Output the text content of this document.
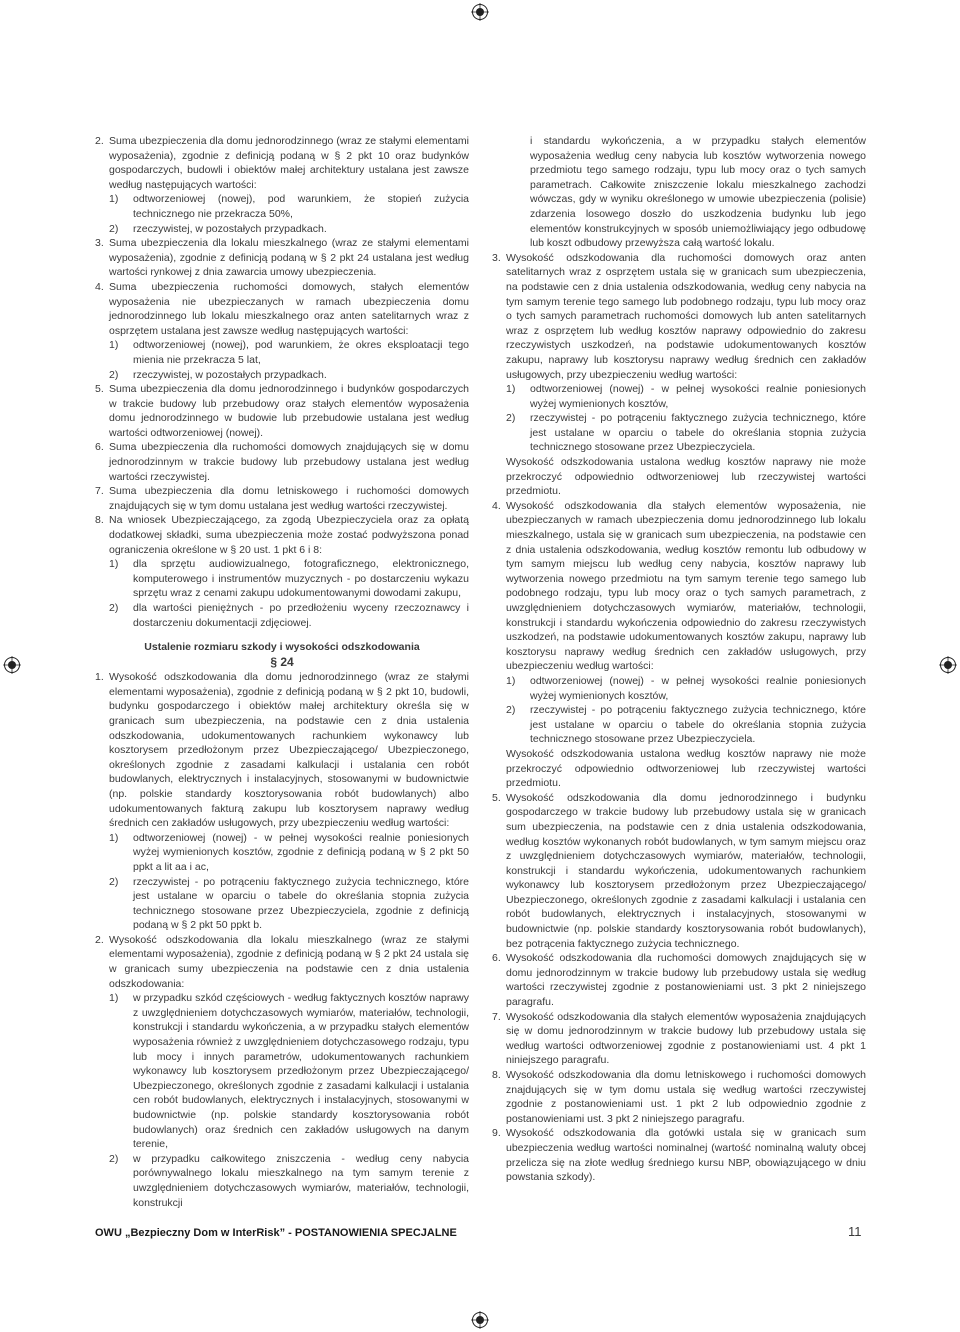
2. Suma ubezpieczenia dla domu jednorodzinnego (wraz ze stałymi elementami wyposażenia), zgodnie z definicją podaną w § 2 pkt 10 oraz budynków gospodarczych, budowli i obiektów małej architektury ustalana jest zawsze według następujących wartości:
1) odtworzeniowej (nowej), pod warunkiem, że stopień zużycia technicznego nie przekracza 50%,
2) rzeczywistej, w pozostałych przypadkach.
3. Suma ubezpieczenia dla lokalu mieszkalnego (wraz ze stałymi elementami wyposażenia), zgodnie z definicją podaną w § 2 pkt 24 ustalana jest według wartości rynkowej z dnia zawarcia umowy ubezpieczenia.
4. Suma ubezpieczenia ruchomości domowych, stałych elementów wyposażenia nie ubezpieczanych w ramach ubezpieczenia domu jednorodzinnego lub lokalu mieszkalnego oraz anten satelitarnych wraz z osprzętem ustalana jest zawsze według następujących wartości:
1) odtworzeniowej (nowej), pod warunkiem, że okres eksploatacji tego mienia nie przekracza 5 lat,
2) rzeczywistej, w pozostałych przypadkach.
5. Suma ubezpieczenia dla domu jednorodzinnego i budynków gospodarczych w trakcie budowy lub przebudowy oraz stałych elementów wyposażenia domu jednorodzinnego w budowie lub przebudowie ustalana jest według wartości odtworzeniowej (nowej).
6. Suma ubezpieczenia dla ruchomości domowych znajdujących się w domu jednorodzinnym w trakcie budowy lub przebudowy ustalana jest według wartości rzeczywistej.
7. Suma ubezpieczenia dla domu letniskowego i ruchomości domowych znajdujących się w tym domu ustalana jest według wartości rzeczywistej.
8. Na wniosek Ubezpieczającego, za zgodą Ubezpieczyciela oraz za opłatą dodatkowej składki, suma ubezpieczenia może zostać podwyższona ponad ograniczenia określone w § 20 ust. 1 pkt 6 i 8:
1) dla sprzętu audiowizualnego, fotograficznego, elektronicznego, komputerowego i instrumentów muzycznych - po dostarczeniu wykazu sprzętu wraz z cenami zakupu udokumentowanymi dowodami zakupu,
2) dla wartości pieniężnych - po przedłożeniu wyceny rzeczoznawcy i dostarczeniu dokumentacji zdjęciowej.
Ustalenie rozmiaru szkody i wysokości odszkodowania
§ 24
1. Wysokość odszkodowania dla domu jednorodzinnego (wraz ze stałymi elementami wyposażenia), zgodnie z definicją podaną w § 2 pkt 10, budowli, budynku gospodarczego i obiektów małej architektury określa się w granicach sum ubezpieczenia, na podstawie cen z dnia ustalenia odszkodowania, udokumentowanych rachunkiem wykonawcy lub kosztorysem przedłożonym przez Ubezpieczającego/ Ubezpieczonego, określonych zgodnie z zasadami kalkulacji i ustalania cen robót budowlanych, elektrycznych i instalacyjnych, stosowanymi w budownictwie (np. polskie standardy kosztorysowania robót budowlanych) albo udokumentowanych fakturą zakupu lub kosztorysem naprawy według średnich cen zakładów usługowych, przy ubezpieczeniu według wartości:
1) odtworzeniowej (nowej) - w pełnej wysokości realnie poniesionych wyżej wymienionych kosztów, zgodnie z definicją podaną w § 2 pkt 50 ppkt a lit aa i ac,
2) rzeczywistej - po potrąceniu faktycznego zużycia technicznego, które jest ustalane w oparciu o tabele do określania stopnia zużycia technicznego stosowane przez Ubezpieczyciela, zgodnie z definicją podaną w § 2 pkt 50 ppkt b.
2. Wysokość odszkodowania dla lokalu mieszkalnego (wraz ze stałymi elementami wyposażenia), zgodnie z definicją podaną w § 2 pkt 24 ustala się w granicach sumy ubezpieczenia na podstawie cen z dnia ustalenia odszkodowania:
1) w przypadku szkód częściowych - według faktycznych kosztów naprawy z uwzględnieniem dotychczasowych wymiarów, materiałów, technologii, konstrukcji i standardu wykończenia, a w przypadku stałych elementów wyposażenia również z uwzględnieniem dotychczasowego rodzaju, typu lub mocy i innych parametrów, udokumentowanych rachunkiem wykonawcy lub kosztorysem przedłożonym przez Ubezpieczającego/ Ubezpieczonego, określonych zgodnie z zasadami kalkulacji i ustalania cen robót budowlanych, elektrycznych i instalacyjnych, stosowanymi w budownictwie (np. polskie standardy kosztorysowania robót budowlanych) oraz średnich cen zakładów usługowych na danym terenie,
2) w przypadku całkowitego zniszczenia - według ceny nabycia porównywalnego lokalu mieszkalnego na tym samym terenie z uwzględnieniem dotychczasowych wymiarów, materiałów, technologii, konstrukcji
i standardu wykończenia, a w przypadku stałych elementów wyposażenia według ceny nabycia lub kosztów wytworzenia nowego przedmiotu tego samego rodzaju, typu lub mocy oraz o tych samych parametrach. Całkowite zniszczenie lokalu mieszkalnego zachodzi wówczas, gdy w wyniku określonego w umowie ubezpieczenia (polisie) zdarzenia losowego doszło do uszkodzenia budynku lub jego elementów konstrukcyjnych w sposób uniemożliwiający jego odbudowę lub koszt odbudowy przewyższa całą wartość lokalu.
3. Wysokość odszkodowania dla ruchomości domowych oraz anten satelitarnych wraz z osprzętem ustala się w granicach sum ubezpieczenia, na podstawie cen z dnia ustalenia odszkodowania, według ceny nabycia na tym samym terenie tego samego lub podobnego rodzaju, typu lub mocy oraz o tych samych parametrach ruchomości domowych lub anten satelitarnych wraz z osprzętem lub według kosztów naprawy odpowiednio do zakresu rzeczywistych uszkodzeń, na podstawie udokumentowanych kosztów zakupu, naprawy lub kosztorysu naprawy według średnich cen zakładów usługowych, przy ubezpieczeniu według wartości:
1) odtworzeniowej (nowej) - w pełnej wysokości realnie poniesionych wyżej wymienionych kosztów,
2) rzeczywistej - po potrąceniu faktycznego zużycia technicznego, które jest ustalane w oparciu o tabele do określania stopnia zużycia technicznego stosowane przez Ubezpieczyciela.
Wysokość odszkodowania ustalona według kosztów naprawy nie może przekroczyć odpowiednio odtworzeniowej lub rzeczywistej wartości przedmiotu.
4. Wysokość odszkodowania dla stałych elementów wyposażenia, nie ubezpieczanych w ramach ubezpieczenia domu jednorodzinnego lub lokalu mieszkalnego, ustala się w granicach sum ubezpieczenia, na podstawie cen z dnia ustalenia odszkodowania, według kosztów remontu lub odbudowy w tym samym miejscu lub według ceny nabycia, kosztów naprawy lub wytworzenia nowego przedmiotu na tym samym terenie tego samego lub podobnego rodzaju, typu lub mocy oraz o tych samych parametrach, z uwzględnieniem dotychczasowych wymiarów, materiałów, technologii, konstrukcji i standardu wykończenia odpowiednio do zakresu rzeczywistych uszkodzeń, na podstawie udokumentowanych kosztów zakupu, naprawy lub kosztorysu naprawy według średnich cen zakładów usługowych, przy ubezpieczeniu według wartości:
1) odtworzeniowej (nowej) - w pełnej wysokości realnie poniesionych wyżej wymienionych kosztów,
2) rzeczywistej - po potrąceniu faktycznego zużycia technicznego, które jest ustalane w oparciu o tabele do określania stopnia zużycia technicznego stosowane przez Ubezpieczyciela.
Wysokość odszkodowania ustalona według kosztów naprawy nie może przekroczyć odpowiednio odtworzeniowej lub rzeczywistej wartości przedmiotu.
5. Wysokość odszkodowania dla domu jednorodzinnego i budynku gospodarczego w trakcie budowy lub przebudowy ustala się w granicach sum ubezpieczenia, na podstawie cen z dnia ustalenia odszkodowania, według kosztów wykonanych robót budowlanych, w tym samym miejscu oraz z uwzględnieniem dotychczasowych wymiarów, materiałów, technologii, konstrukcji i standardu wykończenia, udokumentowanych rachunkiem wykonawcy lub kosztorysem przedłożonym przez Ubezpieczającego/ Ubezpieczonego, określonych zgodnie z zasadami kalkulacji i ustalania cen robót budowlanych, elektrycznych i instalacyjnych, stosowanymi w budownictwie (np. polskie standardy kosztorysowania robót budowlanych), bez potrącenia faktycznego zużycia technicznego.
6. Wysokość odszkodowania dla ruchomości domowych znajdujących się w domu jednorodzinnym w trakcie budowy lub przebudowy ustala się według wartości rzeczywistej zgodnie z postanowieniami ust. 3 pkt 2 niniejszego paragrafu.
7. Wysokość odszkodowania dla stałych elementów wyposażenia znajdujących się w domu jednorodzinnym w trakcie budowy lub przebudowy ustala się według wartości odtworzeniowej zgodnie z postanowieniami ust. 4 pkt 1 niniejszego paragrafu.
8. Wysokość odszkodowania dla domu letniskowego i ruchomości domowych znajdujących się w tym domu ustala się według wartości rzeczywistej zgodnie z postanowieniami ust. 1 pkt 2 lub odpowiednio zgodnie z postanowieniami ust. 3 pkt 2 niniejszego paragrafu.
9. Wysokość odszkodowania dla gotówki ustala się w granicach sum ubezpieczenia według wartości nominalnej (wartość nominalną waluty obcej przelicza się na złote według średniego kursu NBP, obowiązującego w dniu powstania szkody).
OWU „Bezpieczny Dom w InterRisk” - POSTANOWIENIA SPECJALNE	11
